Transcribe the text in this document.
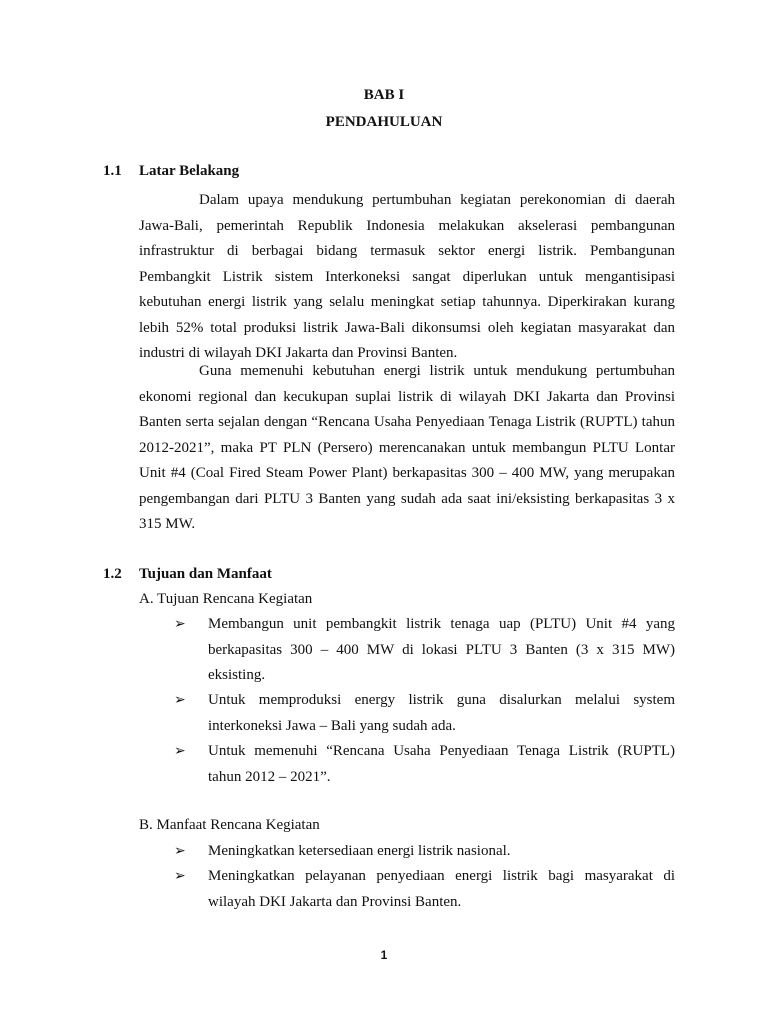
BAB I
PENDAHULUAN
1.1 Latar Belakang

Dalam upaya mendukung pertumbuhan kegiatan perekonomian di daerah Jawa-Bali, pemerintah Republik Indonesia melakukan akselerasi pembangunan infrastruktur di berbagai bidang termasuk sektor energi listrik. Pembangunan Pembangkit Listrik sistem Interkoneksi sangat diperlukan untuk mengantisipasi kebutuhan energi listrik yang selalu meningkat setiap tahunnya. Diperkirakan kurang lebih 52% total produksi listrik Jawa-Bali dikonsumsi oleh kegiatan masyarakat dan industri di wilayah DKI Jakarta dan Provinsi Banten.

Guna memenuhi kebutuhan energi listrik untuk mendukung pertumbuhan ekonomi regional dan kecukupan suplai listrik di wilayah DKI Jakarta dan Provinsi Banten serta sejalan dengan “Rencana Usaha Penyediaan Tenaga Listrik (RUPTL) tahun 2012-2021”, maka PT PLN (Persero) merencanakan untuk membangun PLTU Lontar Unit #4 (Coal Fired Steam Power Plant) berkapasitas 300 – 400 MW, yang merupakan pengembangan dari PLTU 3 Banten yang sudah ada saat ini/eksisting berkapasitas 3 x 315 MW.

1.2 Tujuan dan Manfaat
A. Tujuan Rencana Kegiatan
➢ Membangun unit pembangkit listrik tenaga uap (PLTU) Unit #4 yang berkapasitas 300 – 400 MW di lokasi PLTU 3 Banten (3 x 315 MW) eksisting.
➢ Untuk memproduksi energy listrik guna disalurkan melalui system interkoneksi Jawa – Bali yang sudah ada.
➢ Untuk memenuhi “Rencana Usaha Penyediaan Tenaga Listrik (RUPTL) tahun 2012 – 2021”.
B. Manfaat Rencana Kegiatan
➢ Meningkatkan ketersediaan energi listrik nasional.
➢ Meningkatkan pelayanan penyediaan energi listrik bagi masyarakat di wilayah DKI Jakarta dan Provinsi Banten.
1
